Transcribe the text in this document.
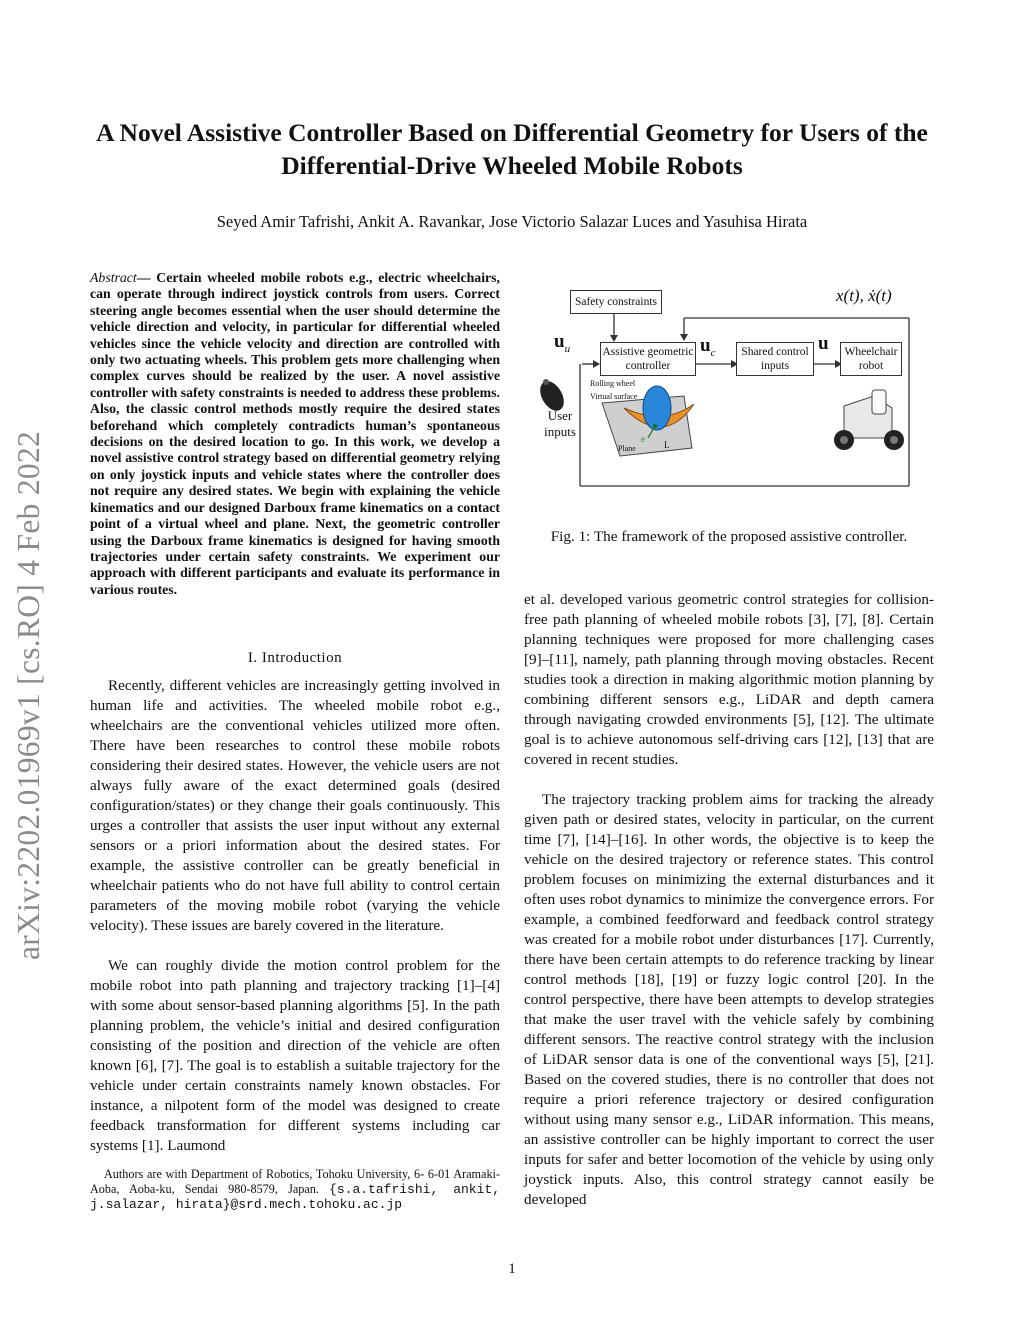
A Novel Assistive Controller Based on Differential Geometry for Users of the Differential-Drive Wheeled Mobile Robots
Seyed Amir Tafrishi, Ankit A. Ravankar, Jose Victorio Salazar Luces and Yasuhisa Hirata
arXiv:2202.01969v1 [cs.RO] 4 Feb 2022
Abstract— Certain wheeled mobile robots e.g., electric wheelchairs, can operate through indirect joystick controls from users. Correct steering angle becomes essential when the user should determine the vehicle direction and velocity, in particular for differential wheeled vehicles since the vehicle velocity and direction are controlled with only two actuating wheels. This problem gets more challenging when complex curves should be realized by the user. A novel assistive controller with safety constraints is needed to address these problems. Also, the classic control methods mostly require the desired states beforehand which completely contradicts human’s spontaneous decisions on the desired location to go. In this work, we develop a novel assistive control strategy based on differential geometry relying on only joystick inputs and vehicle states where the controller does not require any desired states. We begin with explaining the vehicle kinematics and our designed Darboux frame kinematics on a contact point of a virtual wheel and plane. Next, the geometric controller using the Darboux frame kinematics is designed for having smooth trajectories under certain safety constraints. We experiment our approach with different participants and evaluate its performance in various routes.
I. Introduction

Recently, different vehicles are increasingly getting involved in human life and activities. The wheeled mobile robot e.g., wheelchairs are the conventional vehicles utilized more often. There have been researches to control these mobile robots considering their desired states. However, the vehicle users are not always fully aware of the exact determined goals (desired configuration/states) or they change their goals continuously. This urges a controller that assists the user input without any external sensors or a priori information about the desired states. For example, the assistive controller can be greatly beneficial in wheelchair patients who do not have full ability to control certain parameters of the moving mobile robot (varying the vehicle velocity). These issues are barely covered in the literature.

We can roughly divide the motion control problem for the mobile robot into path planning and trajectory tracking [1]–[4] with some about sensor-based planning algorithms [5]. In the path planning problem, the vehicle’s initial and desired configuration consisting of the position and direction of the vehicle are often known [6], [7]. The goal is to establish a suitable trajectory for the vehicle under certain constraints namely known obstacles. For instance, a nilpotent form of the model was designed to create feedback transformation for different systems including car systems [1]. Laumond

Authors are with Department of Robotics, Tohoku University, 6- 6-01 Aramaki-Aoba, Aoba-ku, Sendai 980-8579, Japan. {s.a.tafrishi, ankit, j.salazar, hirata}@srd.mech.tohoku.ac.jp
Safety constraints
Assistive geometric controller
Shared control inputs
Wheelchair robot
$u_u$	$u_c$	u
x(t), ẋ(t)
User inputs
Rolling wheel
Virtual surface
Plane
e
L
Fig. 1: The framework of the proposed assistive controller.

et al. developed various geometric control strategies for collision-free path planning of wheeled mobile robots [3], [7], [8]. Certain planning techniques were proposed for more challenging cases [9]–[11], namely, path planning through moving obstacles. Recent studies took a direction in making algorithmic motion planning by combining different sensors e.g., LiDAR and depth camera through navigating crowded environments [5], [12]. The ultimate goal is to achieve autonomous self-driving cars [12], [13] that are covered in recent studies.

The trajectory tracking problem aims for tracking the already given path or desired states, velocity in particular, on the current time [7], [14]–[16]. In other words, the objective is to keep the vehicle on the desired trajectory or reference states. This control problem focuses on minimizing the external disturbances and it often uses robot dynamics to minimize the convergence errors. For example, a combined feedforward and feedback control strategy was created for a mobile robot under disturbances [17]. Currently, there have been certain attempts to do reference tracking by linear control methods [18], [19] or fuzzy logic control [20]. In the control perspective, there have been attempts to develop strategies that make the user travel with the vehicle safely by combining different sensors. The reactive control strategy with the inclusion of LiDAR sensor data is one of the conventional ways [5], [21]. Based on the covered studies, there is no controller that does not require a priori reference trajectory or desired configuration without using many sensor e.g., LiDAR information. This means, an assistive controller can be highly important to correct the user inputs for safer and better locomotion of the vehicle by using only joystick inputs. Also, this control strategy cannot easily be developed

1
